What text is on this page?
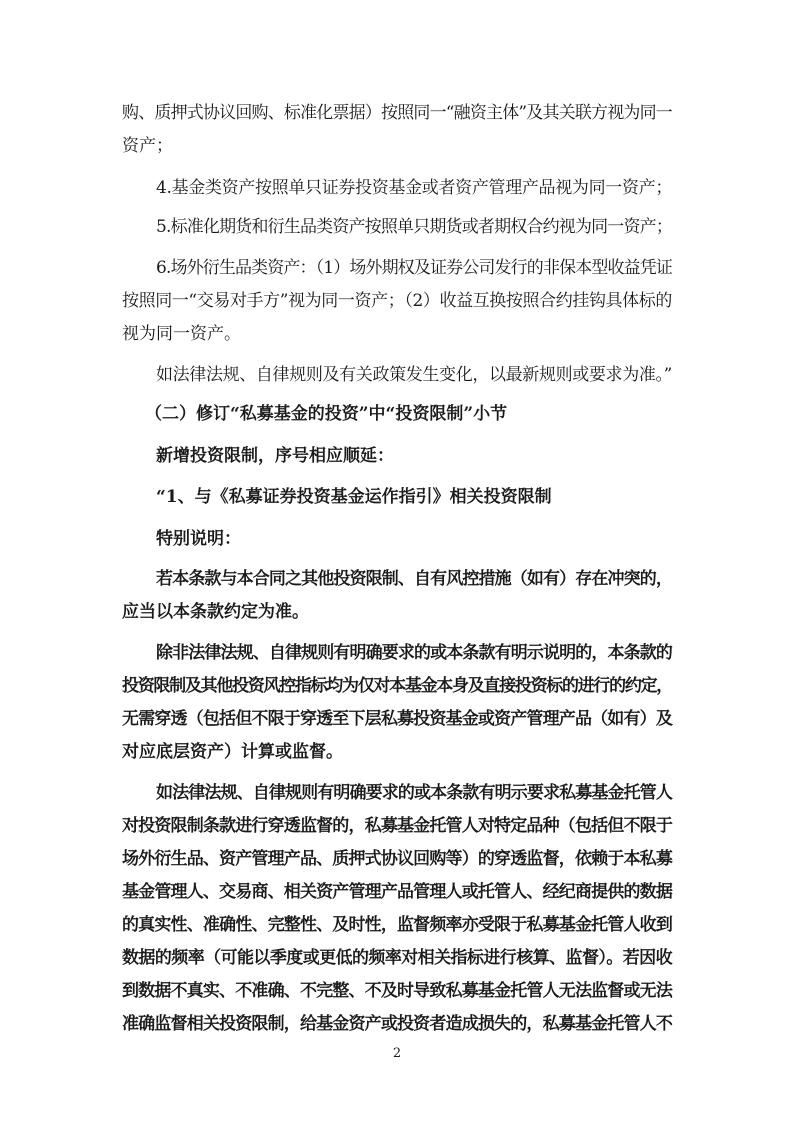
购、质押式协议回购、标准化票据）按照同一“融资主体”及其关联方视为同一
资产；
4.基金类资产按照单只证券投资基金或者资产管理产品视为同一资产；
5.标准化期货和衍生品类资产按照单只期货或者期权合约视为同一资产；
6.场外衍生品类资产：（1）场外期权及证券公司发行的非保本型收益凭证
按照同一“交易对手方”视为同一资产；（2）收益互换按照合约挂钩具体标的
视为同一资产。
如法律法规、自律规则及有关政策发生变化，以最新规则或要求为准。”
（二）修订“私募基金的投资”中“投资限制”小节
新增投资限制，序号相应顺延：
“1、与《私募证券投资基金运作指引》相关投资限制
特别说明：
若本条款与本合同之其他投资限制、自有风控措施（如有）存在冲突的，
应当以本条款约定为准。
除非法律法规、自律规则有明确要求的或本条款有明示说明的，本条款的
投资限制及其他投资风控指标均为仅对本基金本身及直接投资标的进行的约定，
无需穿透（包括但不限于穿透至下层私募投资基金或资产管理产品（如有）及
对应底层资产）计算或监督。
如法律法规、自律规则有明确要求的或本条款有明示要求私募基金托管人
对投资限制条款进行穿透监督的，私募基金托管人对特定品种（包括但不限于
场外衍生品、资产管理产品、质押式协议回购等）的穿透监督，依赖于本私募
基金管理人、交易商、相关资产管理产品管理人或托管人、经纪商提供的数据
的真实性、准确性、完整性、及时性，监督频率亦受限于私募基金托管人收到
数据的频率（可能以季度或更低的频率对相关指标进行核算、监督）。若因收
到数据不真实、不准确、不完整、不及时导致私募基金托管人无法监督或无法
准确监督相关投资限制，给基金资产或投资者造成损失的，私募基金托管人不
2
